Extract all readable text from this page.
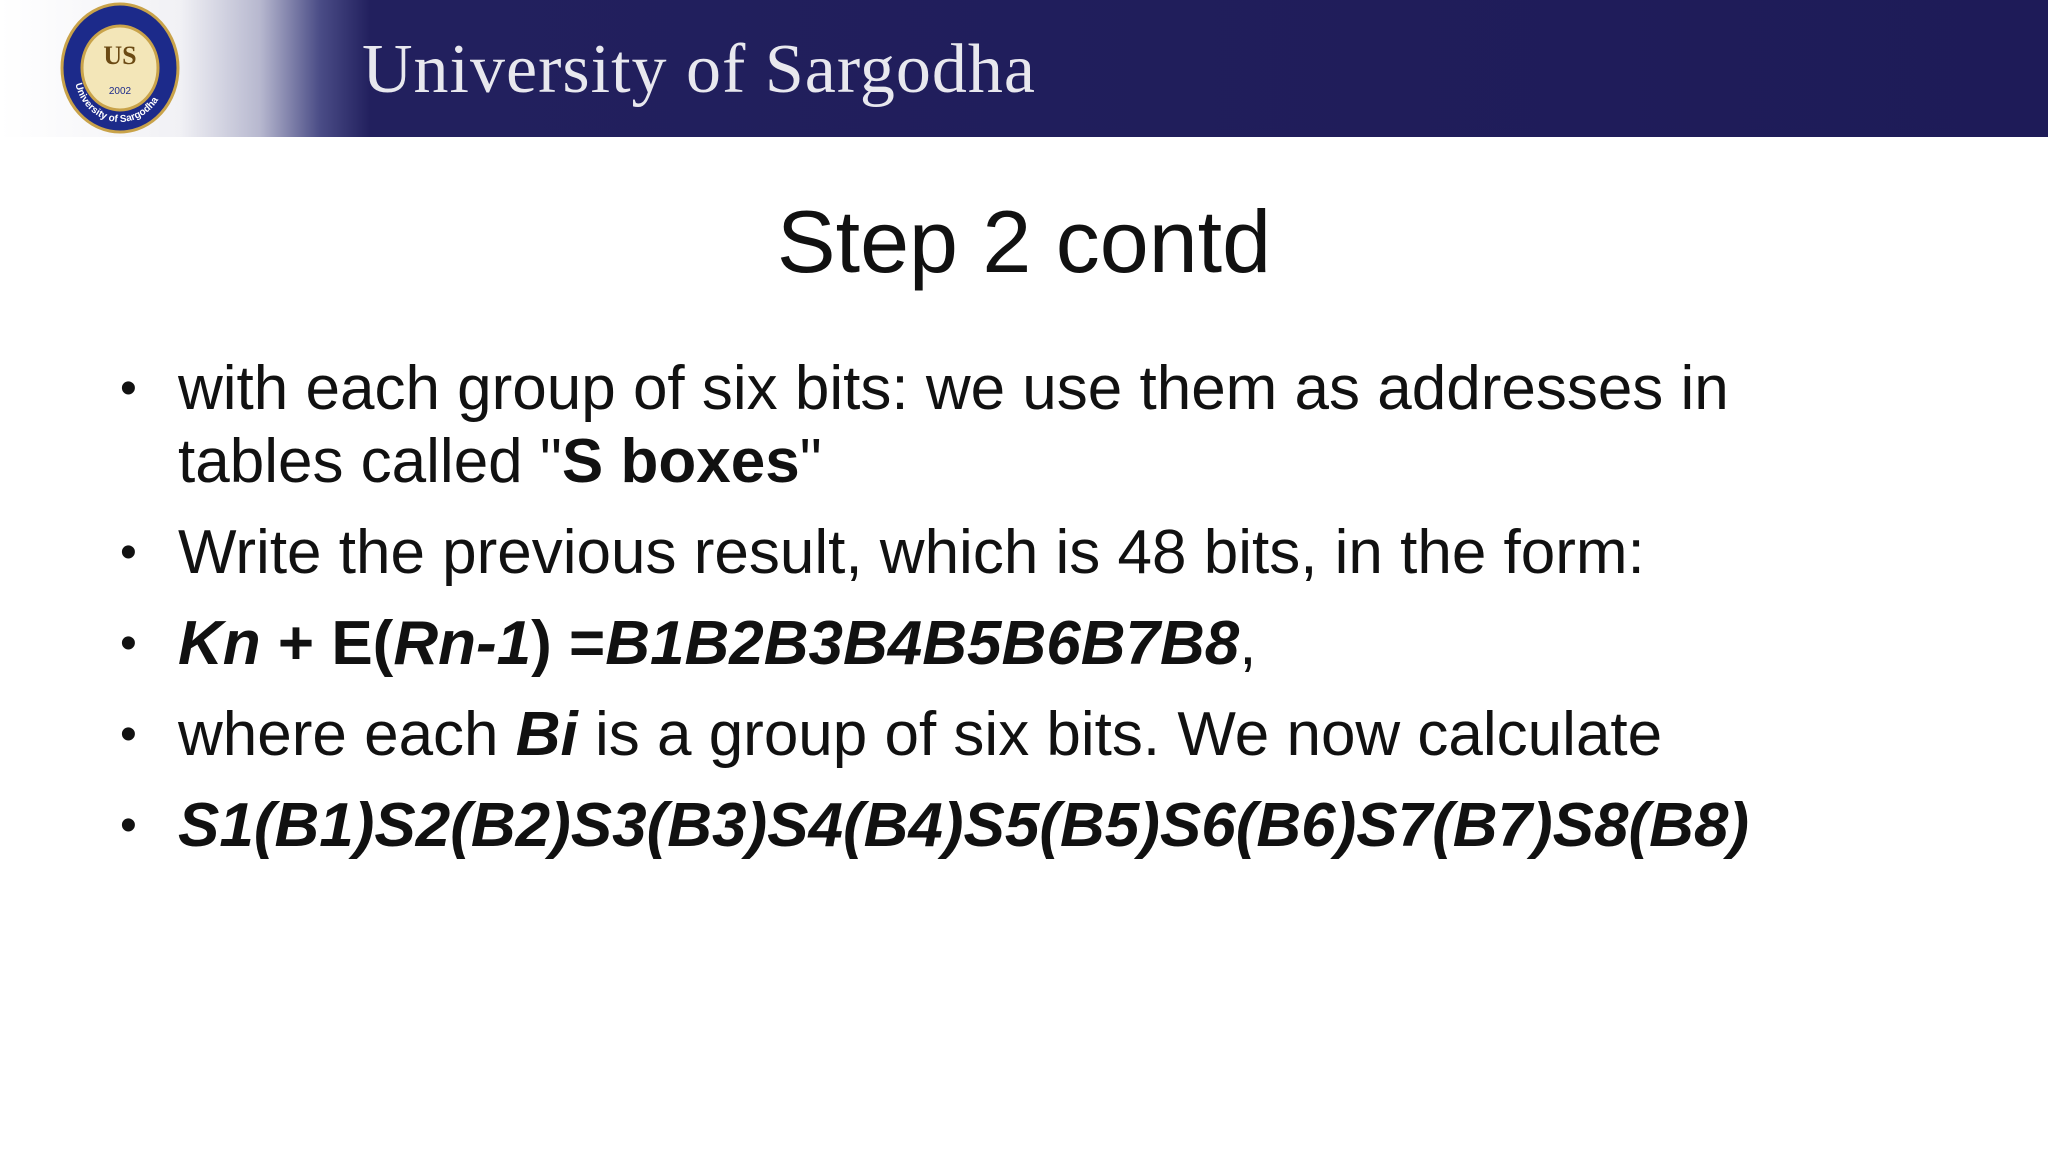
US
2002
University of Sargodha	University of Sargodha
Step 2 contd
• with each group of six bits: we use them as addresses in
tables called "S boxes"
• Write the previous result, which is 48 bits, in the form:
• Kn + E(Rn-1) =B1B2B3B4B5B6B7B8,
• where each Bi is a group of six bits. We now calculate
• S1(B1)S2(B2)S3(B3)S4(B4)S5(B5)S6(B6)S7(B7)S8(B8)
